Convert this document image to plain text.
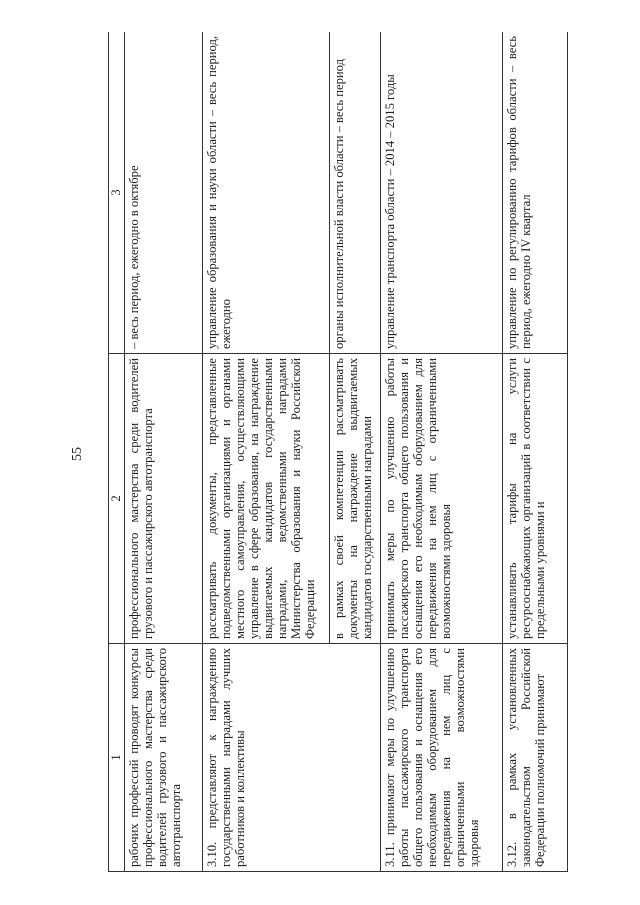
55
1	2	3
рабочих профессий проводят конкурсы профессионального мастерства среди водителей грузового и пассажирского автотранспорта	профессионального мастерства среди водителей грузового и пассажирского автотранспорта	– весь период, ежегодно в октябре
3.10. представляют к награждению государственными наградами лучших работников и коллективы	рассматривать документы, представленные подведомственными организациями и органами местного самоуправления, осуществляющими управление в сфере образования, на награждение выдвигаемых кандидатов государственными наградами, ведомственными наградами Министерства образования и науки Российской Федерации	управление образования и науки области – весь период, ежегодно
	в рамках своей компетенции рассматривать документы на награждение выдвигаемых кандидатов государственными наградами	органы исполнительной власти области – весь период
3.11. принимают меры по улучшению работы пассажирского транспорта общего пользования и оснащения его необходимым оборудованием для передвижения на нем лиц с ограниченными возможностями здоровья	принимать меры по улучшению работы пассажирского транспорта общего пользования и оснащения его необходимым оборудованием для передвижения на нем лиц с ограниченными возможностями здоровья	управление транспорта области – 2014 – 2015 годы
3.12. в рамках установленных законодательством Российской Федерации полномочий принимают	устанавливать тарифы на услуги ресурсоснабжающих организаций в соответствии с предельными уровнями и	управление по регулированию тарифов области – весь период, ежегодно IV квартал
